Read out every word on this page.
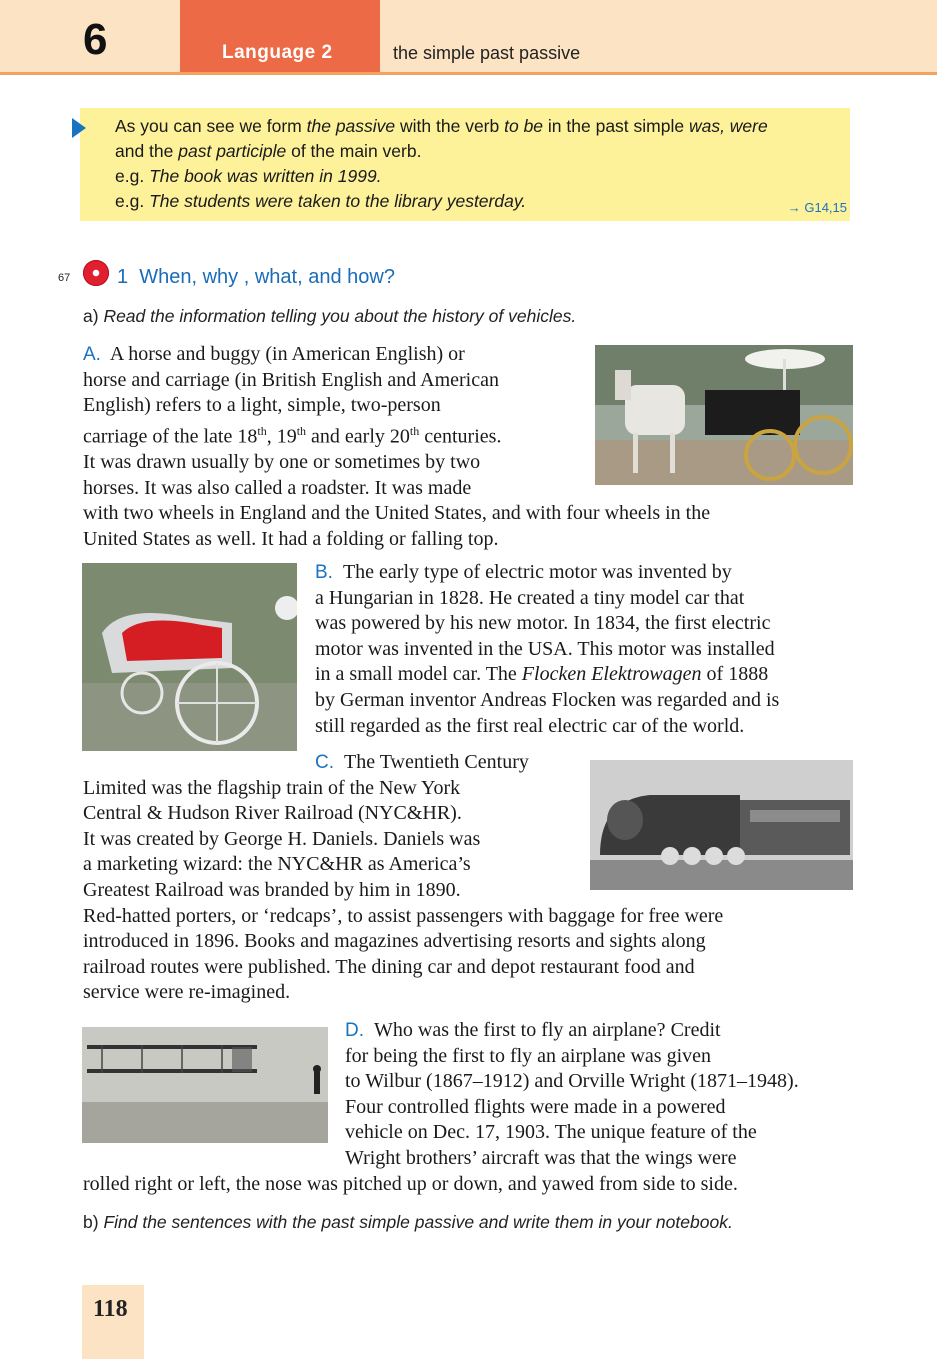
6	Language 2	the simple past passive

As you can see we form the passive with the verb to be in the past simple was, were

and the past participle of the main verb.

e.g. The book was written in 1999.

e.g. The students were taken to the library yesterday.	→ G14,15
67 1 When, why , what, and how?
a) Read the information telling you about the history of vehicles.
A. A horse and buggy (in American English) or
horse and carriage (in British English and American
English) refers to a light, simple, two-person
carriage of the late 18th, 19th and early 20th centuries.
It was drawn usually by one or sometimes by two
horses. It was also called a roadster. It was made
with two wheels in England and the United States, and with four wheels in the
United States as well. It had a folding or falling top.
B. The early type of electric motor was invented by
a Hungarian in 1828. He created a tiny model car that
was powered by his new motor. In 1834, the first electric
motor was invented in the USA. This motor was installed
in a small model car. The Flocken Elektrowagen of 1888
by German inventor Andreas Flocken was regarded and is
still regarded as the first real electric car of the world.
C. The Twentieth Century
Limited was the flagship train of the New York
Central & Hudson River Railroad (NYC&HR).
It was created by George H. Daniels. Daniels was
a marketing wizard: the NYC&HR as America’s
Greatest Railroad was branded by him in 1890.
Red-hatted porters, or ‘redcaps’, to assist passengers with baggage for free were
introduced in 1896. Books and magazines advertising resorts and sights along
railroad routes were published. The dining car and depot restaurant food and
service were re-imagined.
D. Who was the first to fly an airplane? Credit
for being the first to fly an airplane was given
to Wilbur (1867–1912) and Orville Wright (1871–1948).
Four controlled flights were made in a powered
vehicle on Dec. 17, 1903. The unique feature of the
Wright brothers’ aircraft was that the wings were
rolled right or left, the nose was pitched up or down, and yawed from side to side.
b) Find the sentences with the past simple passive and write them in your notebook.
118
